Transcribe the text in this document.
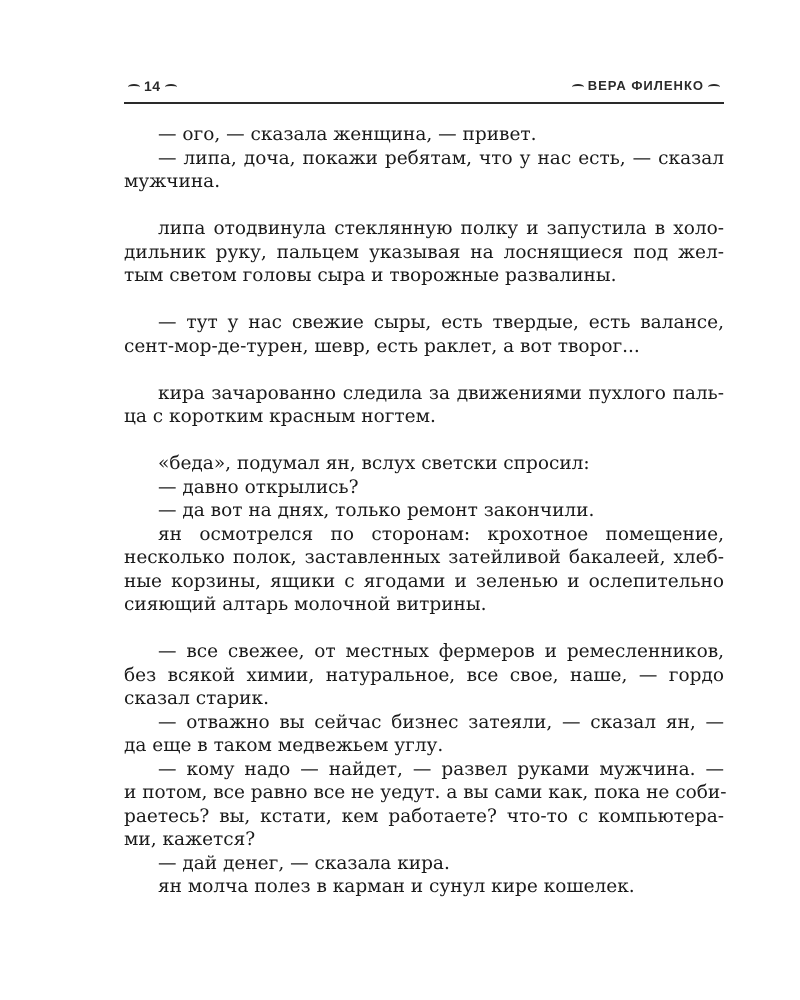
14	ВЕРА ФИЛЕНКО
— ого, — сказала женщина, — привет.
— липа, доча, покажи ребятам, что у нас есть, — сказал
мужчина.
липа отодвинула стеклянную полку и запустила в холо-
дильник руку, пальцем указывая на лоснящиеся под жел-
тым светом головы сыра и творожные развалины.
— тут у нас свежие сыры, есть твердые, есть валансе,
сент-мор-де-турен, шевр, есть раклет, а вот творог...
кира зачарованно следила за движениями пухлого паль-
ца с коротким красным ногтем.
«беда», подумал ян, вслух светски спросил:
— давно открылись?
— да вот на днях, только ремонт закончили.
ян осмотрелся по сторонам: крохотное помещение,
несколько полок, заставленных затейливой бакалеей, хлеб-
ные корзины, ящики с ягодами и зеленью и ослепительно
сияющий алтарь молочной витрины.
— все свежее, от местных фермеров и ремесленников,
без всякой химии, натуральное, все свое, наше, — гордо
сказал старик.
— отважно вы сейчас бизнес затеяли, — сказал ян, —
да еще в таком медвежьем углу.
— кому надо — найдет, — развел руками мужчина. —
и потом, все равно все не уедут. а вы сами как, пока не соби-
раетесь? вы, кстати, кем работаете? что-то с компьютера-
ми, кажется?
— дай денег, — сказала кира.
ян молча полез в карман и сунул кире кошелек.
